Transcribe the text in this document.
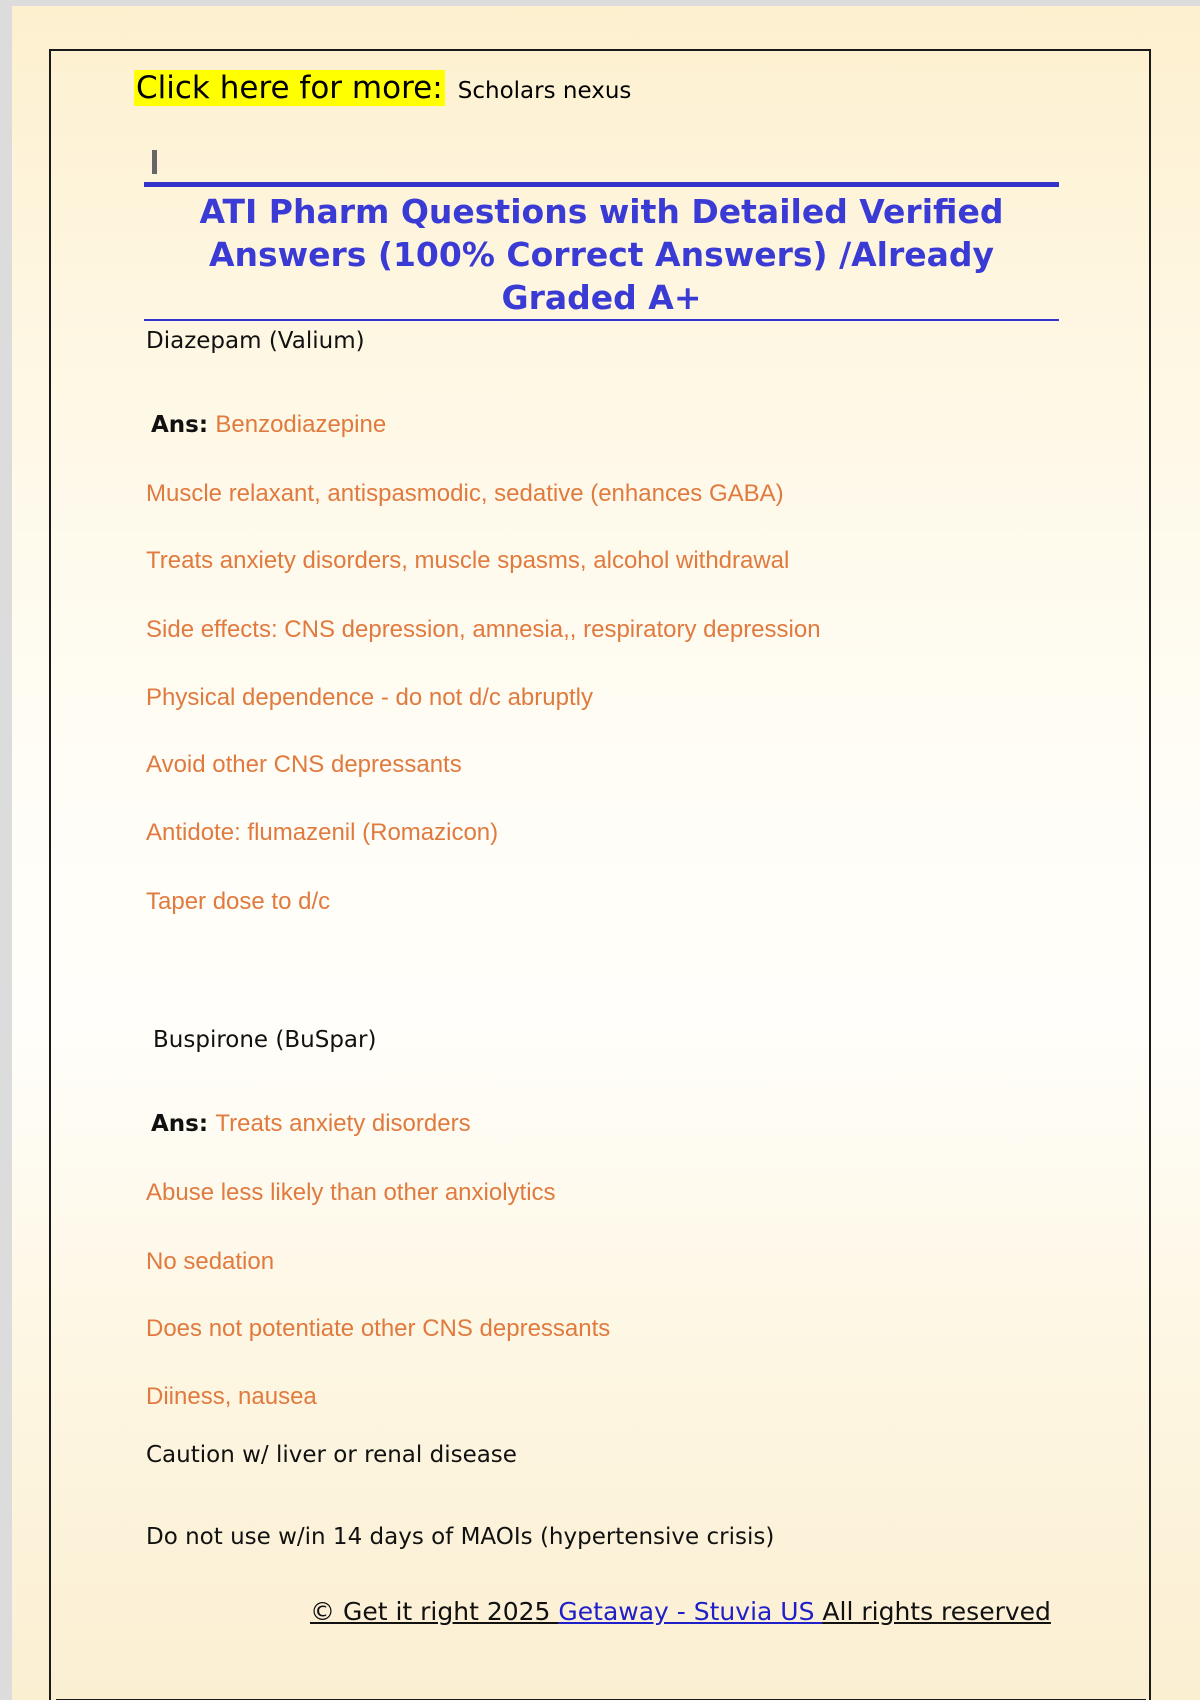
Click here for more: Scholars nexus
ATI Pharm Questions with Detailed Verified Answers (100% Correct Answers) /Already Graded A+
Diazepam (Valium)
Ans: Benzodiazepine
Muscle relaxant, antispasmodic, sedative (enhances GABA)
Treats anxiety disorders, muscle spasms, alcohol withdrawal
Side effects: CNS depression, amnesia,, respiratory depression
Physical dependence - do not d/c abruptly
Avoid other CNS depressants
Antidote: flumazenil (Romazicon)
Taper dose to d/c
Buspirone (BuSpar)
Ans: Treats anxiety disorders
Abuse less likely than other anxiolytics
No sedation
Does not potentiate other CNS depressants
Diiness, nausea
Caution w/ liver or renal disease
Do not use w/in 14 days of MAOIs (hypertensive crisis)
© Get it right 2025 Getaway - Stuvia US All rights reserved
